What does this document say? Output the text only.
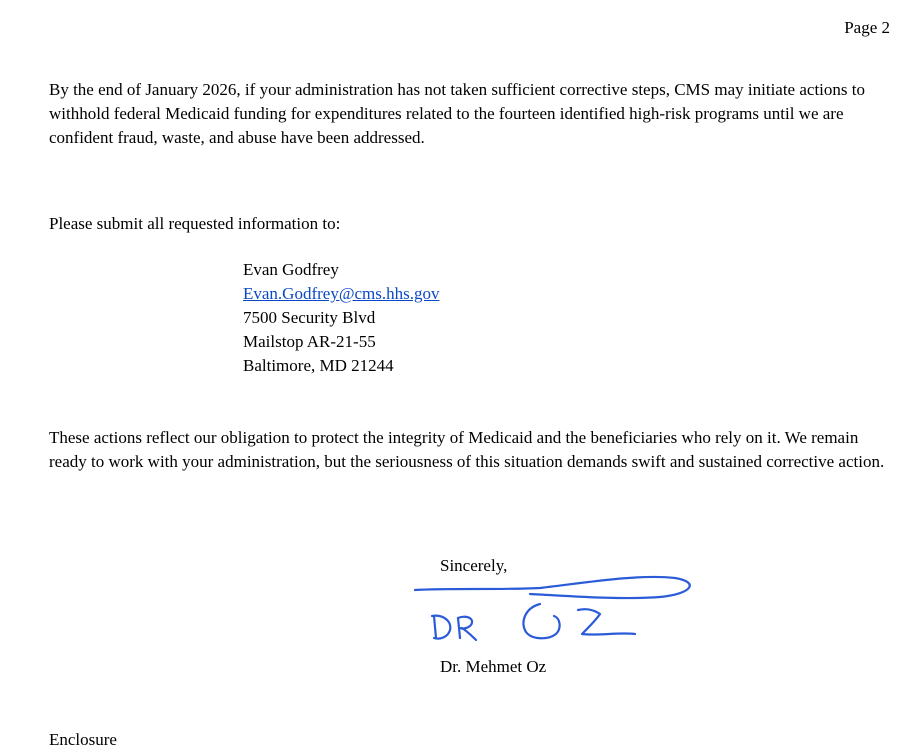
Page 2

By the end of January 2026, if your administration has not taken sufficient corrective steps, CMS may initiate actions to withhold federal Medicaid funding for expenditures related to the fourteen identified high-risk programs until we are confident fraud, waste, and abuse have been addressed.

Please submit all requested information to:

Evan Godfrey
Evan.Godfrey@cms.hhs.gov
7500 Security Blvd
Mailstop AR-21-55
Baltimore, MD 21244

These actions reflect our obligation to protect the integrity of Medicaid and the beneficiaries who rely on it. We remain ready to work with your administration, but the seriousness of this situation demands swift and sustained corrective action.

Sincerely,
Dr. Mehmet Oz
Enclosure
